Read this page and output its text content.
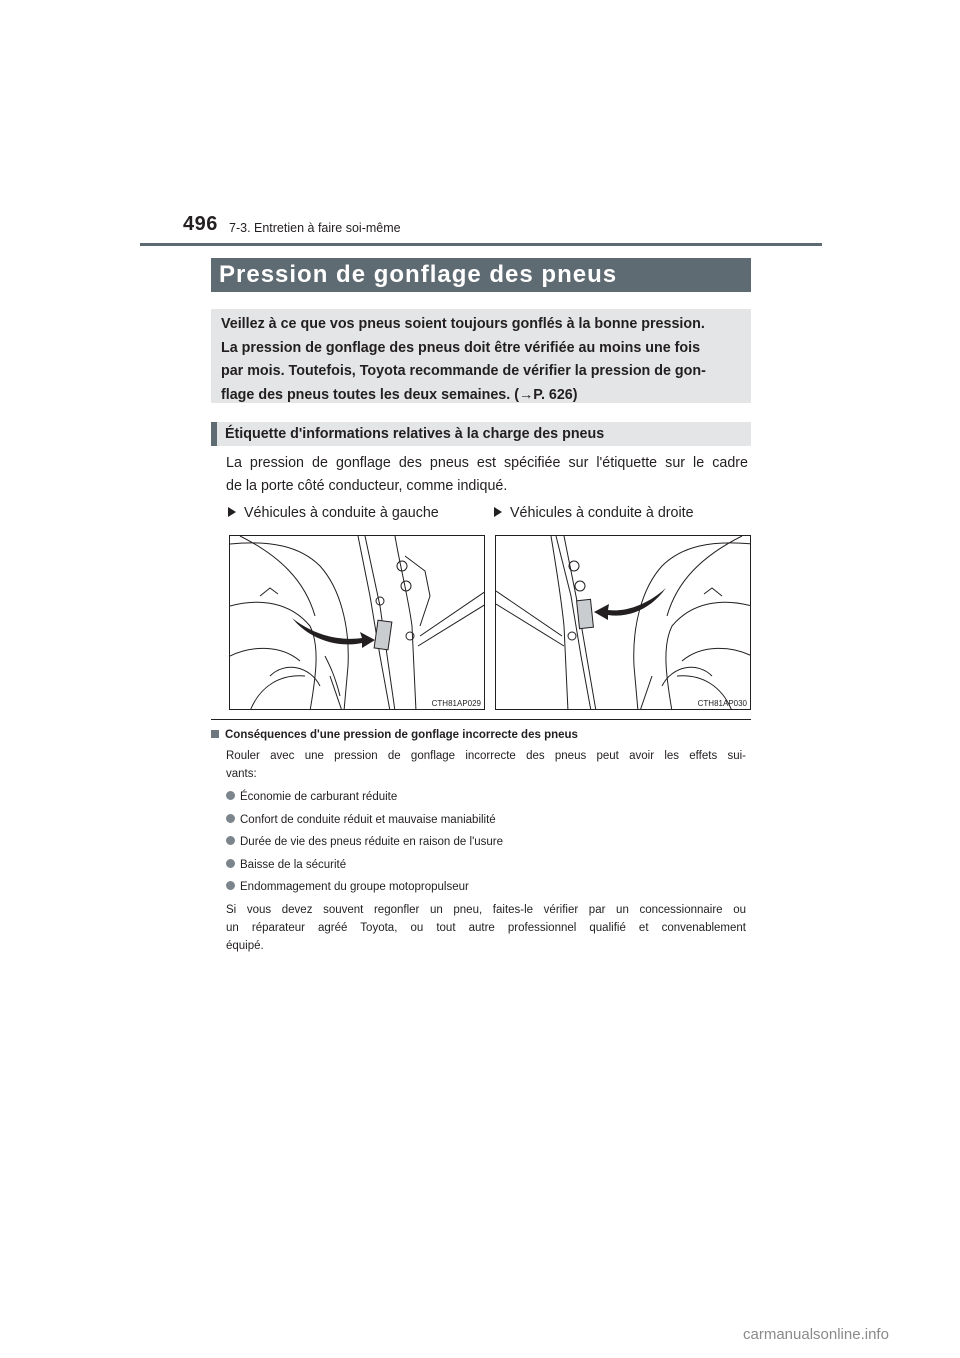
496 7-3. Entretien à faire soi-même
Pression de gonflage des pneus

Veillez à ce que vos pneus soient toujours gonflés à la bonne pression.

La pression de gonflage des pneus doit être vérifiée au moins une fois

par mois. Toutefois, Toyota recommande de vérifier la pression de gon-

flage des pneus toutes les deux semaines. (→P. 626)

Étiquette d'informations relatives à la charge des pneus
La pression de gonflage des pneus est spécifiée sur l'étiquette sur le cadre
de la porte côté conducteur, comme indiqué.
Véhicules à conduite à gauche	Véhicules à conduite à droite
CTH81AP029	CTH81AP030
Conséquences d'une pression de gonflage incorrecte des pneus
Rouler avec une pression de gonflage incorrecte des pneus peut avoir les effets sui-
vants:
Économie de carburant réduite
Confort de conduite réduit et mauvaise maniabilité
Durée de vie des pneus réduite en raison de l'usure
Baisse de la sécurité
Endommagement du groupe motopropulseur
Si vous devez souvent regonfler un pneu, faites-le vérifier par un concessionnaire ou
un réparateur agréé Toyota, ou tout autre professionnel qualifié et convenablement
équipé.
carmanualsonline.info
